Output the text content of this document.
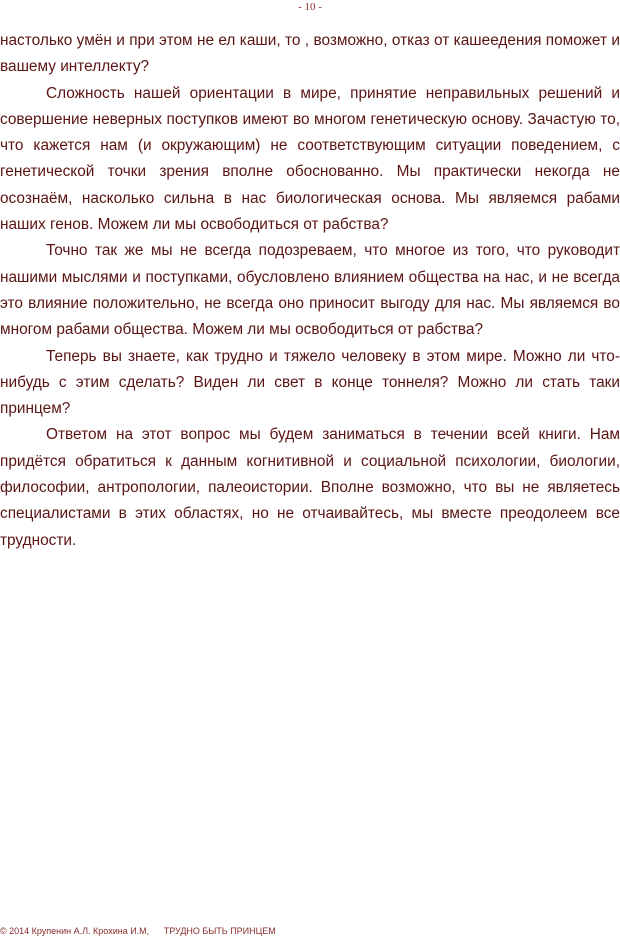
- 10 -

настолько умён и при этом не ел каши, то , возможно, отказ от кашеедения поможет и вашему интеллекту?

Сложность нашей ориентации в мире, принятие неправильных решений и совершение неверных поступков имеют во многом генетическую основу. Зачастую то, что кажется нам (и окружающим) не соответствующим ситуации поведением, с генетической точки зрения вполне обоснованно. Мы практически некогда не осознаём, насколько сильна в нас биологическая основа. Мы являемся рабами наших генов. Можем ли мы освободиться от рабства?

Точно так же мы не всегда подозреваем, что многое из того, что руководит нашими мыслями и поступками, обусловлено влиянием общества на нас, и не всегда это влияние положительно, не всегда оно приносит выгоду для нас. Мы являемся во многом рабами общества. Можем ли мы освободиться от рабства?

Теперь вы знаете, как трудно и тяжело человеку в этом мире. Можно ли что-нибудь с этим сделать? Виден ли свет в конце тоннеля? Можно ли стать таки принцем?

Ответом на этот вопрос мы будем заниматься в течении всей книги. Нам придётся обратиться к данным когнитивной и социальной психологии, биологии, философии, антропологии, палеоистории. Вполне возможно, что вы не являетесь специалистами в этих областях, но не отчаивайтесь, мы вместе преодолеем все трудности.

© 2014 Крупенин А.Л. Крохина И.М, ТРУДНО БЫТЬ ПРИНЦЕМ
